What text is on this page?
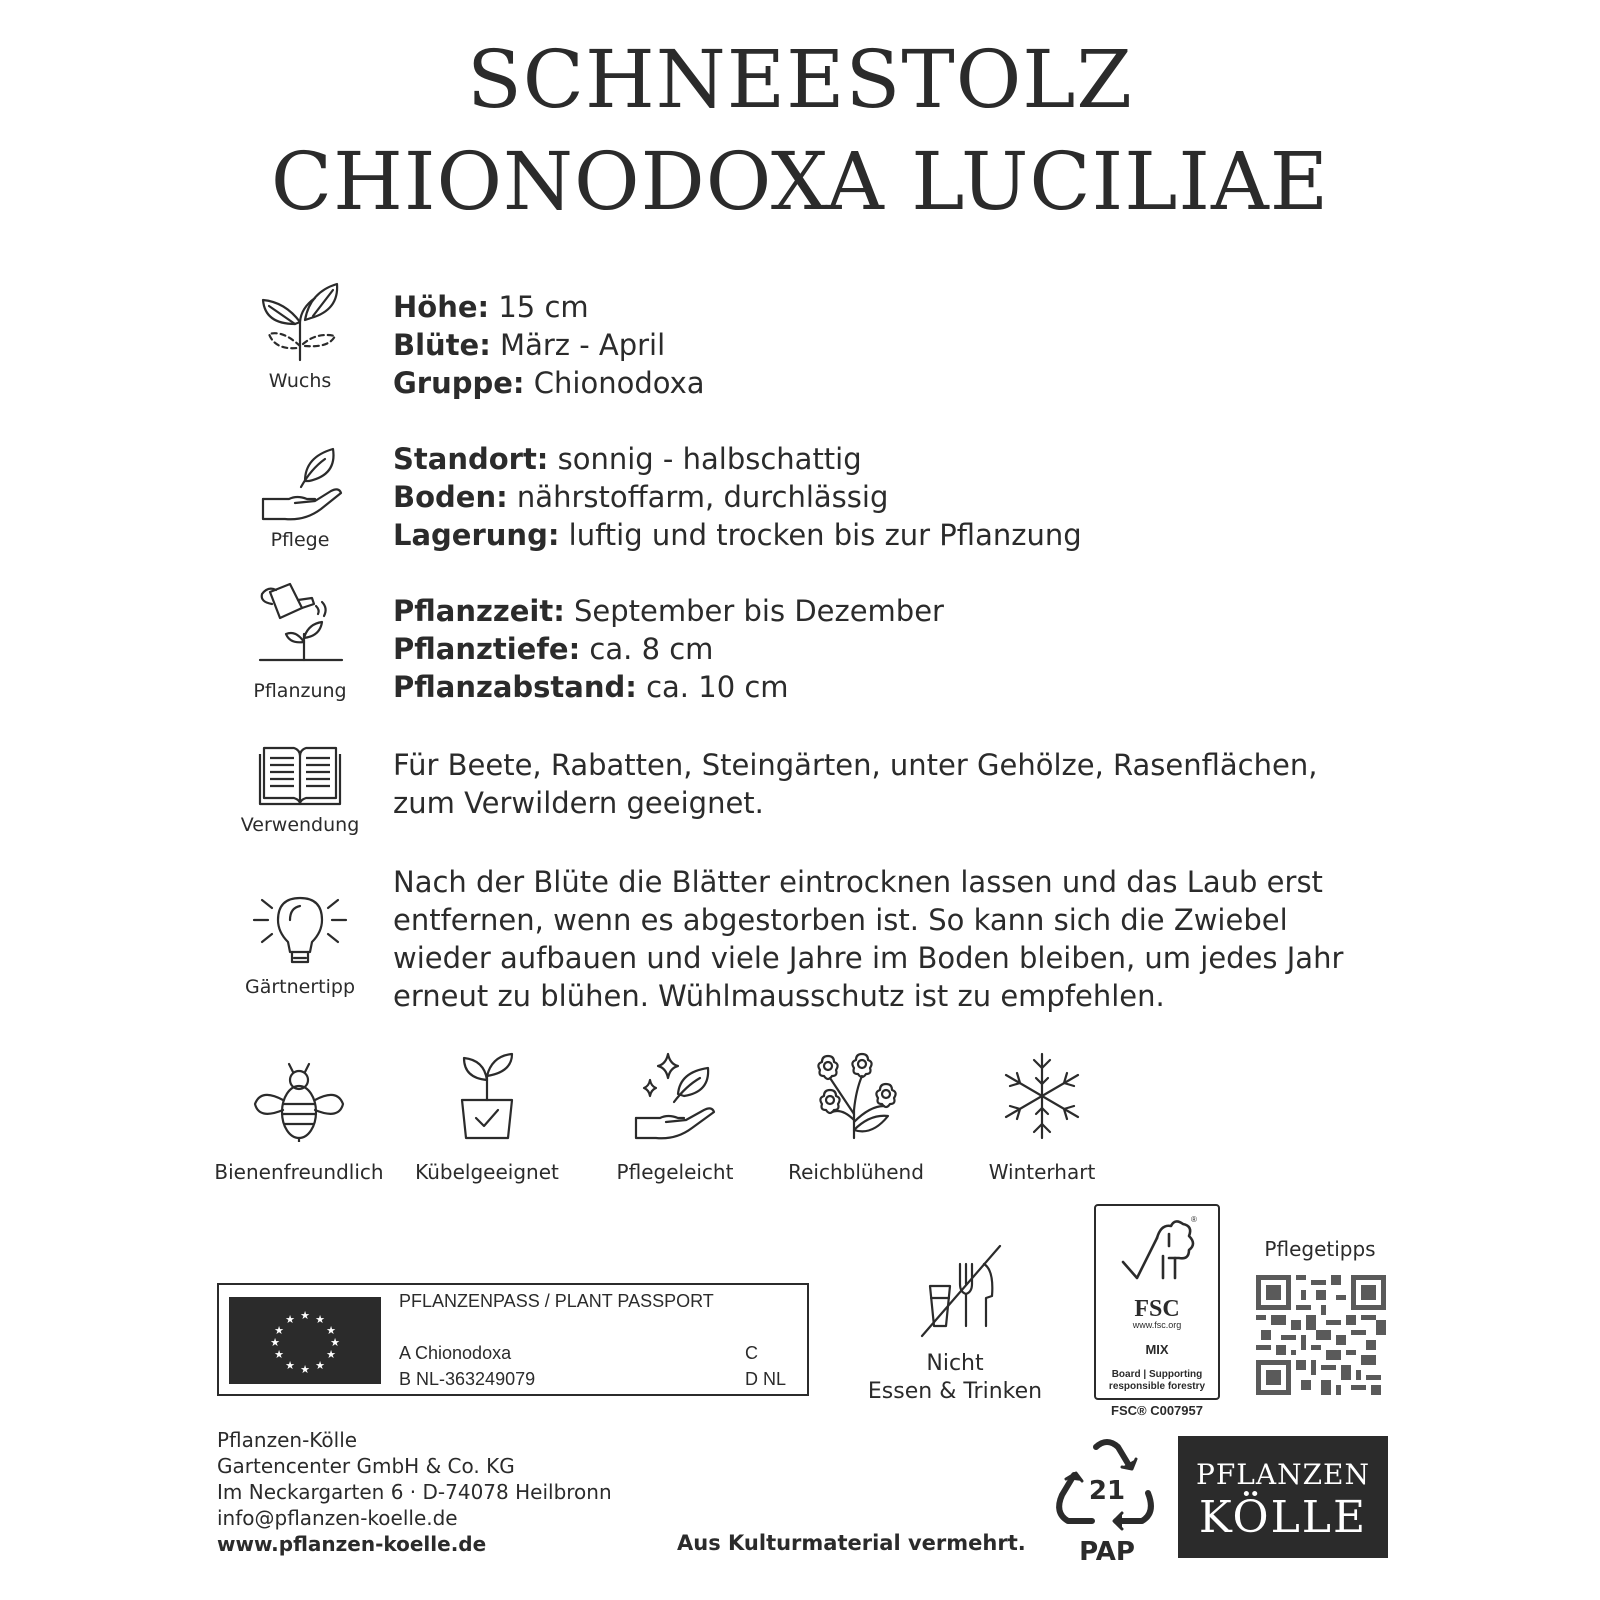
SCHNEESTOLZ
CHIONODOXA LUCILIAE
Wuchs
Höhe: 15 cm
Blüte: März - April
Gruppe: Chionodoxa
Pflege
Standort: sonnig - halbschattig
Boden: nährstoffarm, durchlässig
Lagerung: luftig und trocken bis zur Pflanzung
Pflanzung
Pflanzzeit: September bis Dezember
Pflanztiefe: ca. 8 cm
Pflanzabstand: ca. 10 cm
Verwendung
Für Beete, Rabatten, Steingärten, unter Gehölze, Rasenflächen, zum Verwildern geeignet.
Gärtnertipp
Nach der Blüte die Blätter eintrocknen lassen und das Laub erst entfernen, wenn es abgestorben ist. So kann sich die Zwiebel wieder aufbauen und viele Jahre im Boden bleiben, um jedes Jahr erneut zu blühen. Wühlmausschutz ist zu empfehlen.
Bienenfreundlich	Kübelgeeignet	Pflegeleicht	Reichblühend	Winterhart
★ ★
★
★
★
★
★
★
★
★
★
★
PFLANZENPASS / PLANT PASSPORT
A Chionodoxa
B NL-363249079
C
D NL
Nicht
Essen & Trinken
®
FSC
www.fsc.org
MIX
Board | Supporting
responsible forestry
FSC® C007957
Pflegetipps
Pflanzen-Kölle
Gartencenter GmbH & Co. KG
Im Neckargarten 6 · D-74078 Heilbronn
info@pflanzen-koelle.de
www.pflanzen-koelle.de	Aus Kulturmaterial vermehrt.
21
PAP
PFLANZEN
KÖLLE
